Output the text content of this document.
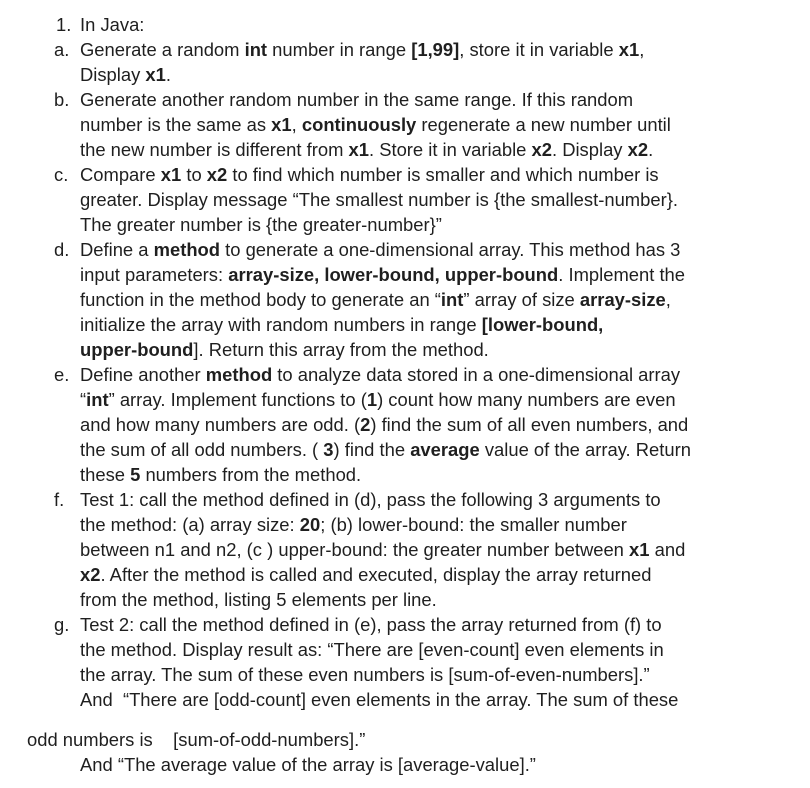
1.

In Java:

a. Generate a random int number in range [1,99], store it in variable x1,
Display x1.
b. Generate another random number in the same range. If this random
number is the same as x1, continuously regenerate a new number until
the new number is different from x1. Store it in variable x2. Display x2.
c. Compare x1 to x2 to find which number is smaller and which number is
greater. Display message “The smallest number is {the smallest-number}.
The greater number is {the greater-number}”
d. Define a method to generate a one-dimensional array. This method has 3
input parameters: array-size, lower-bound, upper-bound. Implement the
function in the method body to generate an “int” array of size array-size,
initialize the array with random numbers in range [lower-bound,
upper-bound]. Return this array from the method.
e. Define another method to analyze data stored in a one-dimensional array
“int” array. Implement functions to (1) count how many numbers are even
and how many numbers are odd. (2) find the sum of all even numbers, and
the sum of all odd numbers. ( 3) find the average value of the array. Return
these 5 numbers from the method.
f. Test 1: call the method defined in (d), pass the following 3 arguments to
the method: (a) array size: 20; (b) lower-bound: the smaller number
between n1 and n2, (c ) upper-bound: the greater number between x1 and
x2. After the method is called and executed, display the array returned
from the method, listing 5 elements per line.
g. Test 2: call the method defined in (e), pass the array returned from (f) to
the method. Display result as: “There are [even-count] even elements in
the array. The sum of these even numbers is [sum-of-even-numbers].”
And  “There are [odd-count] even elements in the array. The sum of these
odd numbers is    [sum-of-odd-numbers].”
And “The average value of the array is [average-value].”
